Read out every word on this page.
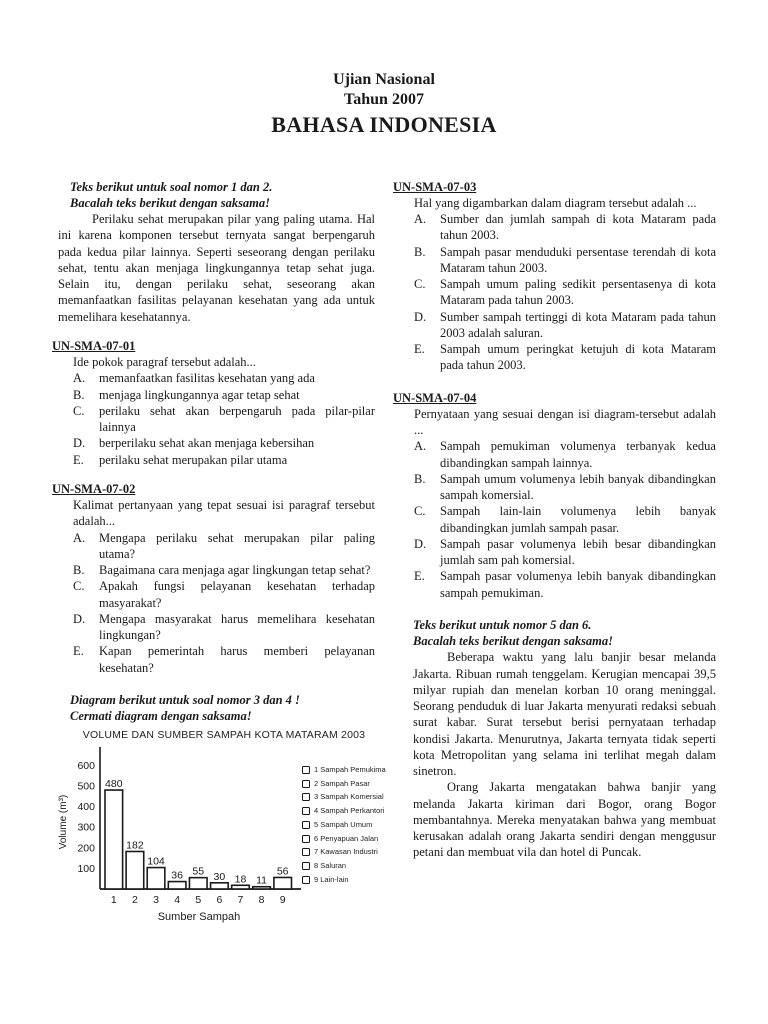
Ujian Nasional
Tahun 2007
BAHASA INDONESIA
Teks berikut untuk soal nomor 1 dan 2.
Bacalah teks berikut dengan saksama!

Perilaku sehat merupakan pilar yang paling utama. Hal ini karena komponen tersebut ternyata sangat berpengaruh pada kedua pilar lainnya. Seperti seseorang dengan perilaku sehat, tentu akan menjaga lingkungannya tetap sehat juga. Selain itu, dengan perilaku sehat, seseorang akan memanfaatkan fasilitas pelayanan kesehatan yang ada untuk memelihara kesehatannya.

UN-SMA-07-01
Ide pokok paragraf tersebut adalah...
A.	memanfaatkan fasilitas kesehatan yang ada
B.	menjaga lingkungannya agar tetap sehat
C.	perilaku sehat akan berpengaruh pada pilar-pilar lainnya
D.	berperilaku sehat akan menjaga kebersihan
E.	perilaku sehat merupakan pilar utama
UN-SMA-07-02
Kalimat pertanyaan yang tepat sesuai isi paragraf tersebut adalah...
A.	Mengapa perilaku sehat merupakan pilar paling utama?
B.	Bagaimana cara menjaga agar lingkungan tetap sehat?
C.	Apakah fungsi pelayanan kesehatan terhadap masyarakat?
D.	Mengapa masyarakat harus memelihara kesehatan lingkungan?
E.	Kapan pemerintah harus memberi pelayanan kesehatan?
Diagram berikut untuk soal nomor 3 dan 4 !
Cermati diagram dengan saksama!
VOLUME DAN SUMBER SAMPAH KOTA MATARAM 2003
100
200
300
400
500
600
Volume (m³)
480
1
182
2
104
3
36
4
55
5
30
6
18
7
11
8
56
9
Sumber Sampah
1 Sampah Pemukima
2 Sampah Pasar
3 Sampah Komersial
4 Sampah Perkantori
5 Sampah Umum
6 Penyapuan Jalan
7 Kawasan Industri
8 Saluran
9 Lain-lain
UN-SMA-07-03
Hal yang digambarkan dalam diagram tersebut adalah ...
A.	Sumber dan jumlah sampah di kota Mataram pada tahun 2003.
B.	Sampah pasar menduduki persentase terendah di kota Mataram tahun 2003.
C.	Sampah umum paling sedikit persentasenya di kota Mataram pada tahun 2003.
D.	Sumber sampah tertinggi di kota Mataram pada tahun 2003 adalah saluran.
E.	Sampah umum peringkat ketujuh di kota Mataram pada tahun 2003.
UN-SMA-07-04
Pernyataan yang sesuai dengan isi diagram-tersebut adalah ...
A.	Sampah pemukiman volumenya terbanyak kedua dibandingkan sampah lainnya.
B.	Sampah umum volumenya lebih banyak dibandingkan sampah komersial.
C.	Sampah lain-lain volumenya lebih banyak dibandingkan jumlah sampah pasar.
D.	Sampah pasar volumenya lebih besar dibandingkan jumlah sam pah komersial.
E.	Sampah pasar volumenya lebih banyak dibandingkan sampah pemukiman.
Teks berikut untuk nomor 5 dan 6.
Bacalah teks berikut dengan saksama!

Beberapa waktu yang lalu banjir besar melanda Jakarta. Ribuan rumah tenggelam. Kerugian mencapai 39,5 milyar rupiah dan menelan korban 10 orang meninggal. Seorang penduduk di luar Jakarta menyurati redaksi sebuah surat kabar. Surat tersebut berisi pernyataan terhadap kondisi Jakarta. Menurutnya, Jakarta ternyata tidak seperti kota Metropolitan yang selama ini terlihat megah dalam sinetron.

Orang Jakarta mengatakan bahwa banjir yang melanda Jakarta kiriman dari Bogor, orang Bogor membantahnya. Mereka menyatakan bahwa yang membuat kerusakan adalah orang Jakarta sendiri dengan menggusur petani dan membuat vila dan hotel di Puncak.
